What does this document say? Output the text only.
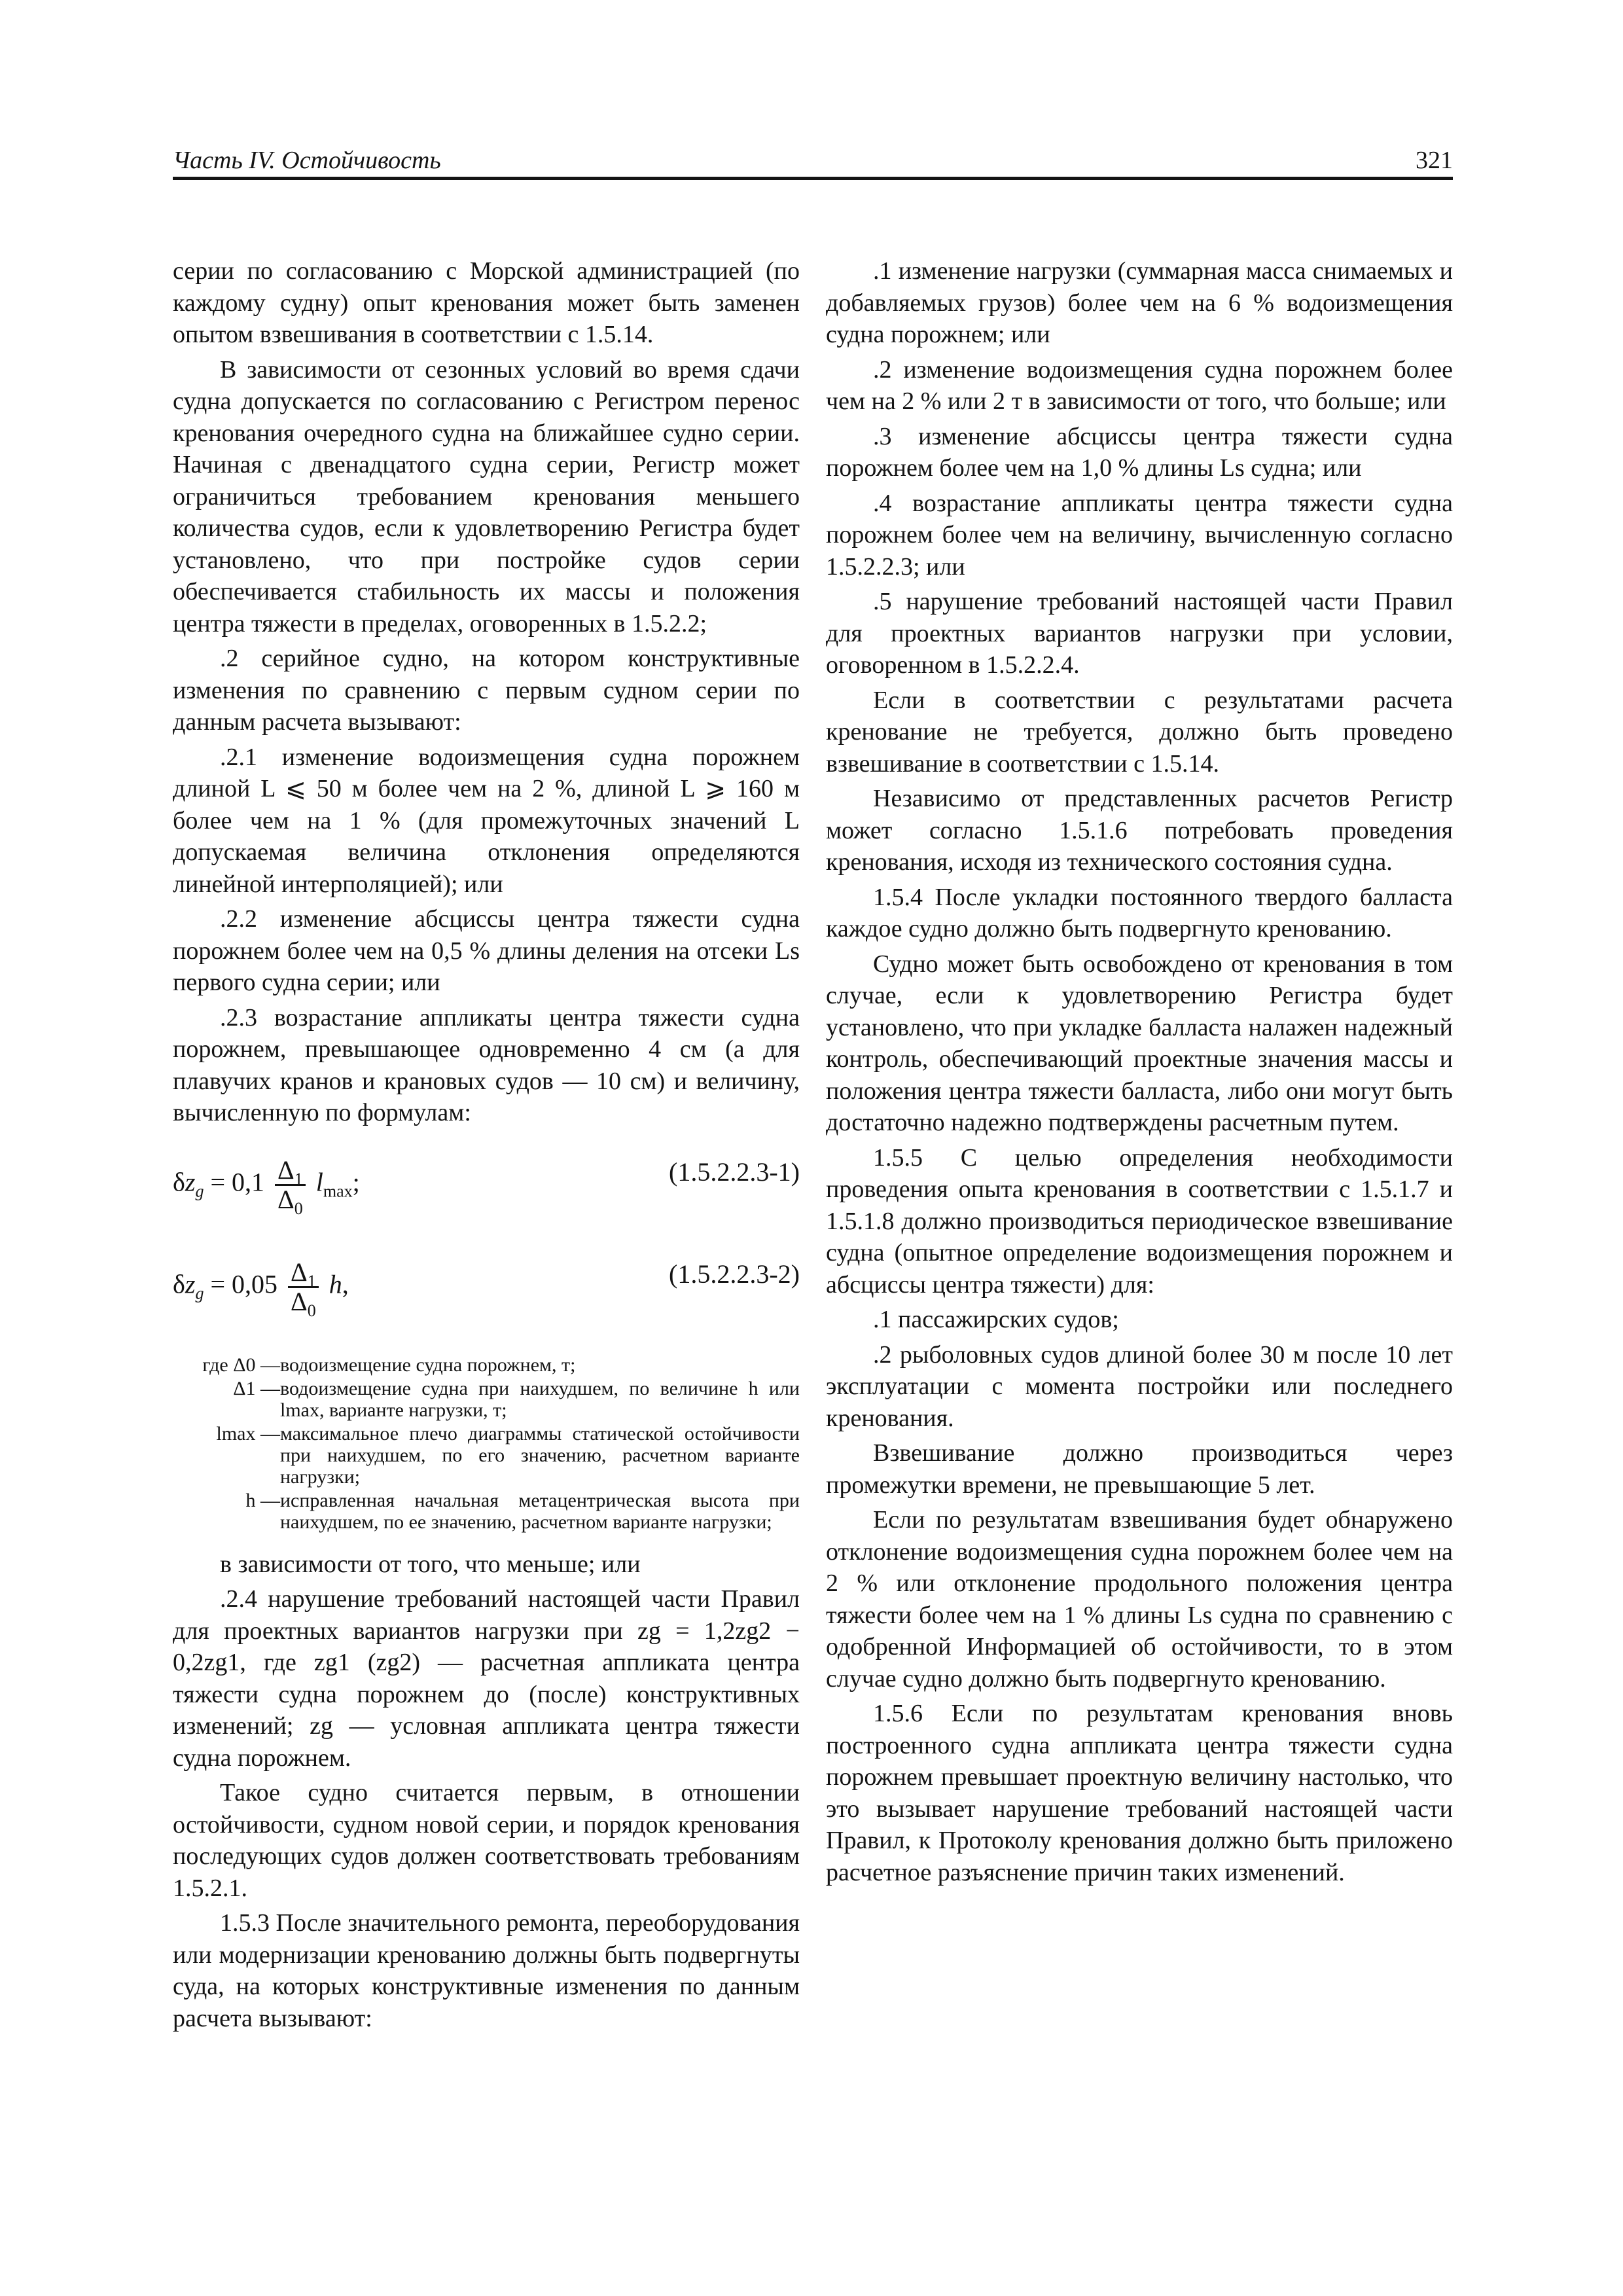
Часть IV. Остойчивость	321

серии по согласованию с Морской администрацией (по каждому судну) опыт кренования может быть заменен опытом взвешивания в соответствии с 1.5.14.

В зависимости от сезонных условий во время сдачи судна допускается по согласованию с Регистром перенос кренования очередного судна на ближайшее судно серии. Начиная с двенадцатого судна серии, Регистр может ограничиться требованием кренования меньшего количества судов, если к удовлетворению Регистра будет установлено, что при постройке судов серии обеспечивается стабильность их массы и положения центра тяжести в пределах, оговоренных в 1.5.2.2;

.2 серийное судно, на котором конструктивные изменения по сравнению с первым судном серии по данным расчета вызывают:

.2.1 изменение водоизмещения судна порожнем длиной L ⩽ 50 м более чем на 2 %, длиной L ⩾ 160 м более чем на 1 % (для промежуточных значений L допускаемая величина отклонения определяются линейной интерполяцией); или

.2.2 изменение абсциссы центра тяжести судна порожнем более чем на 0,5 % длины деления на отсеки Ls первого судна серии; или

.2.3 возрастание аппликаты центра тяжести судна порожнем, превышающее одновременно 4 см (а для плавучих кранов и крановых судов — 10 см) и величину, вычисленную по формулам:

$\delta z_g = 0,1 \frac{\Delta_1}{\Delta_0} l_{max}$;	(1.5.2.2.3-1)
$\delta z_g = 0,05 \frac{\Delta_1}{\Delta_0} h$,	(1.5.2.2.3-2)
где Δ0 — водоизмещение судна порожнем, т;
Δ1 — водоизмещение судна при наихудшем, по величине h или lmax, варианте нагрузки, т;
lmax — максимальное плечо диаграммы статической остойчивости при наихудшем, по его значению, расчетном варианте нагрузки;
h — исправленная начальная метацентрическая высота при наихудшем, по ее значению, расчетном варианте нагрузки;

в зависимости от того, что меньше; или

.2.4 нарушение требований настоящей части Правил для проектных вариантов нагрузки при zg = 1,2zg2 − 0,2zg1, где zg1 (zg2) — расчетная аппликата центра тяжести судна порожнем до (после) конструктивных изменений; zg — условная аппликата центра тяжести судна порожнем.

Такое судно считается первым, в отношении остойчивости, судном новой серии, и порядок кренования последующих судов должен соответствовать требованиям 1.5.2.1.

1.5.3 После значительного ремонта, переоборудования или модернизации кренованию должны быть подвергнуты суда, на которых конструктивные изменения по данным расчета вызывают:

.1 изменение нагрузки (суммарная масса снимаемых и добавляемых грузов) более чем на 6 % водоизмещения судна порожнем; или

.2 изменение водоизмещения судна порожнем более чем на 2 % или 2 т в зависимости от того, что больше; или

.3 изменение абсциссы центра тяжести судна порожнем более чем на 1,0 % длины Ls судна; или

.4 возрастание аппликаты центра тяжести судна порожнем более чем на величину, вычисленную согласно 1.5.2.2.3; или

.5 нарушение требований настоящей части Правил для проектных вариантов нагрузки при условии, оговоренном в 1.5.2.2.4.

Если в соответствии с результатами расчета кренование не требуется, должно быть проведено взвешивание в соответствии с 1.5.14.

Независимо от представленных расчетов Регистр может согласно 1.5.1.6 потребовать проведения кренования, исходя из технического состояния судна.

1.5.4 После укладки постоянного твердого балласта каждое судно должно быть подвергнуто кренованию.

Судно может быть освобождено от кренования в том случае, если к удовлетворению Регистра будет установлено, что при укладке балласта налажен надежный контроль, обеспечивающий проектные значения массы и положения центра тяжести балласта, либо они могут быть достаточно надежно подтверждены расчетным путем.

1.5.5 С целью определения необходимости проведения опыта кренования в соответствии с 1.5.1.7 и 1.5.1.8 должно производиться периодическое взвешивание судна (опытное определение водоизмещения порожнем и абсциссы центра тяжести) для:

.1 пассажирских судов;

.2 рыболовных судов длиной более 30 м после 10 лет эксплуатации с момента постройки или последнего кренования.

Взвешивание должно производиться через промежутки времени, не превышающие 5 лет.

Если по результатам взвешивания будет обнаружено отклонение водоизмещения судна порожнем более чем на 2 % или отклонение продольного положения центра тяжести более чем на 1 % длины Ls судна по сравнению с одобренной Информацией об остойчивости, то в этом случае судно должно быть подвергнуто кренованию.

1.5.6 Если по результатам кренования вновь построенного судна аппликата центра тяжести судна порожнем превышает проектную величину настолько, что это вызывает нарушение требований настоящей части Правил, к Протоколу кренования должно быть приложено расчетное разъяснение причин таких изменений.
